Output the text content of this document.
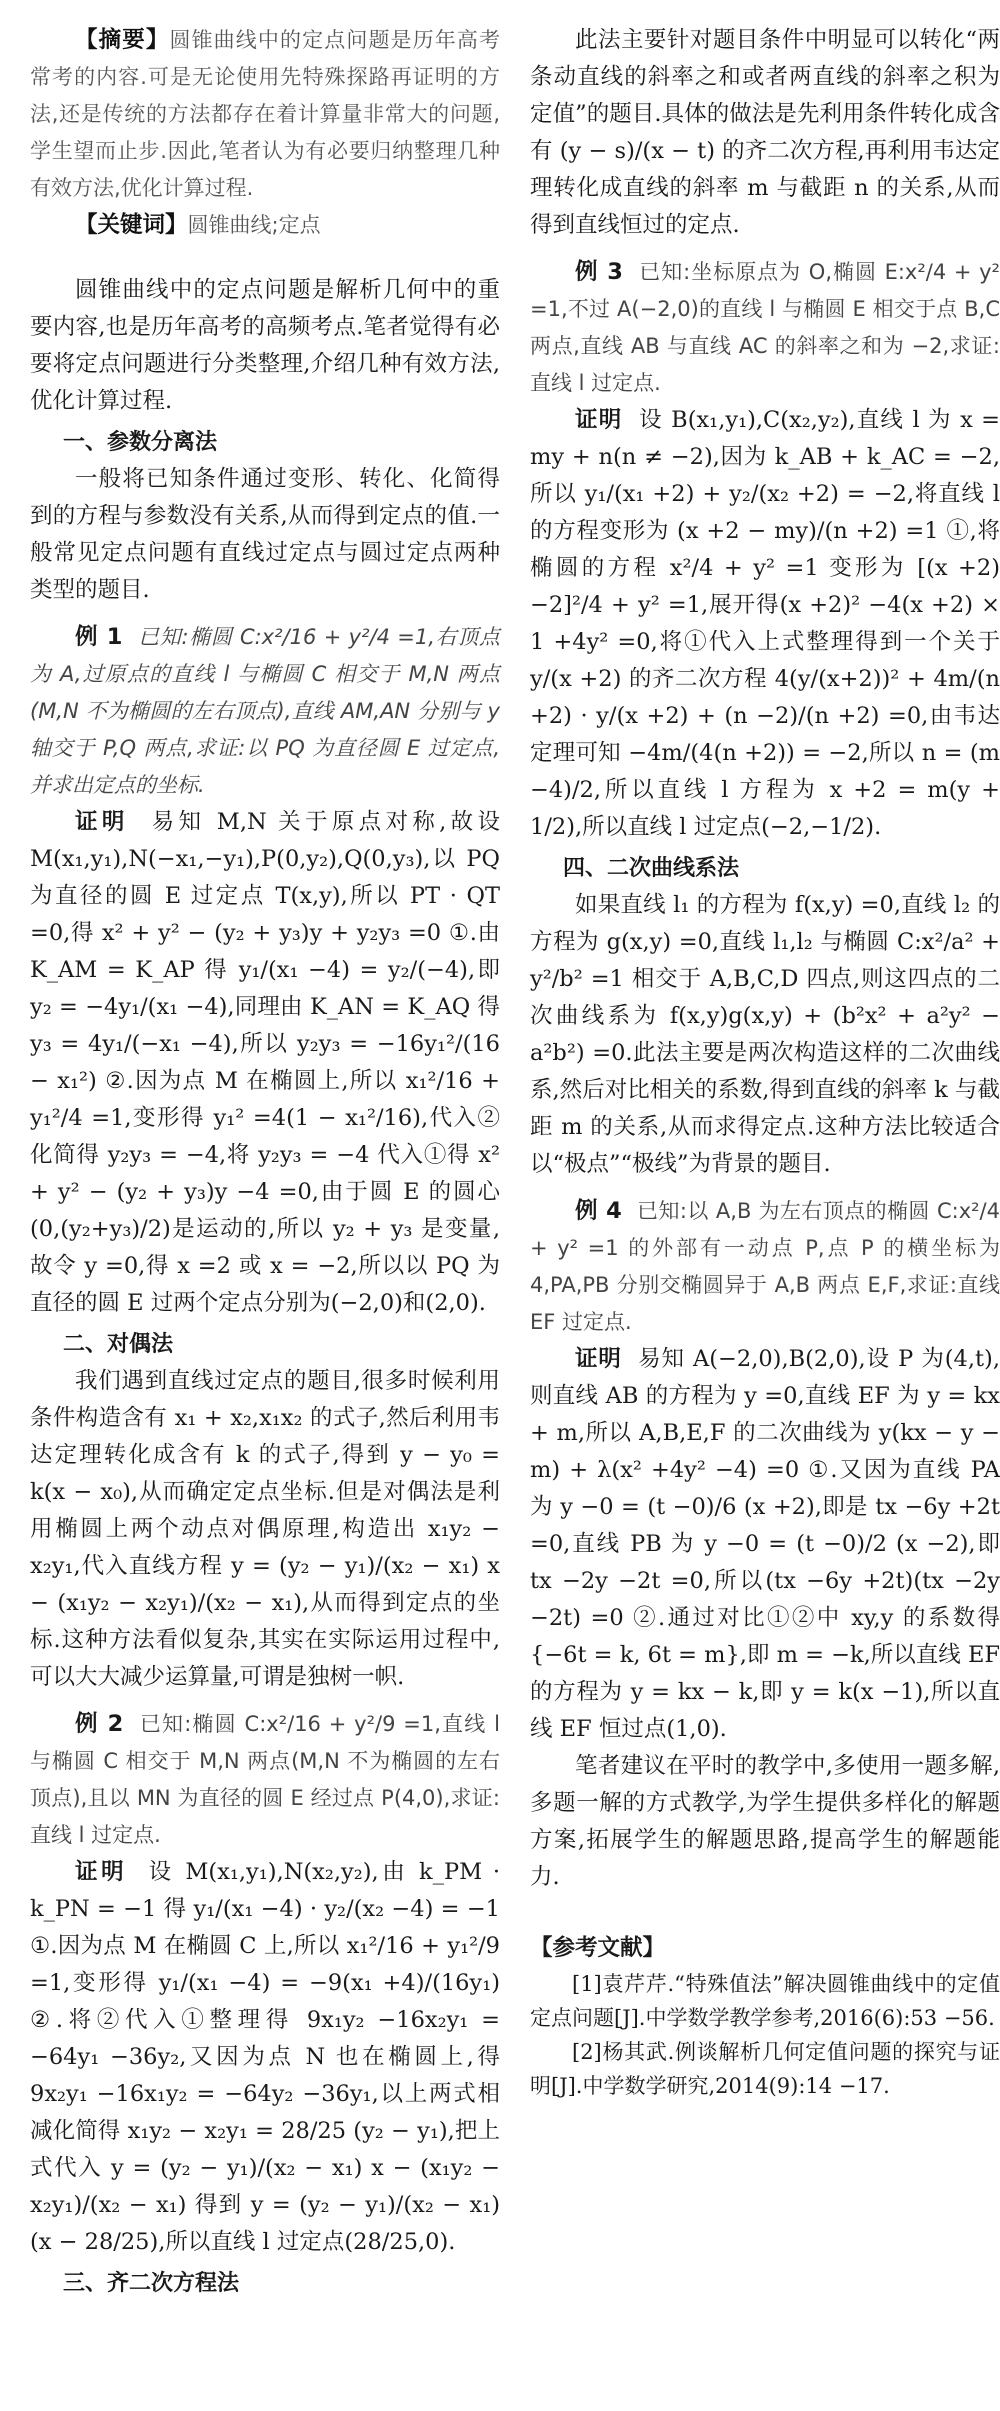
【摘要】圆锥曲线中的定点问题是历年高考常考的内容.可是无论使用先特殊探路再证明的方法,还是传统的方法都存在着计算量非常大的问题,学生望而止步.因此,笔者认为有必要归纳整理几种有效方法,优化计算过程.

【关键词】圆锥曲线;定点

圆锥曲线中的定点问题是解析几何中的重要内容,也是历年高考的高频考点.笔者觉得有必要将定点问题进行分类整理,介绍几种有效方法,优化计算过程.

一、参数分离法

一般将已知条件通过变形、转化、化简得到的方程与参数没有关系,从而得到定点的值.一般常见定点问题有直线过定点与圆过定点两种类型的题目.

例 1 已知:椭圆 C:x²/16 + y²/4 =1,右顶点为 A,过原点的直线 l 与椭圆 C 相交于 M,N 两点(M,N 不为椭圆的左右顶点),直线 AM,AN 分别与 y 轴交于 P,Q 两点,求证:以 PQ 为直径圆 E 过定点,并求出定点的坐标.

证明 易知 M,N 关于原点对称,故设 M(x₁,y₁),N(−x₁,−y₁),P(0,y₂),Q(0,y₃),以 PQ 为直径的圆 E 过定点 T(x,y),所以 PT · QT =0,得 x² + y² − (y₂ + y₃)y + y₂y₃ =0 ①.由 K_AM = K_AP 得 y₁/(x₁ −4) = y₂/(−4),即 y₂ = −4y₁/(x₁ −4),同理由 K_AN = K_AQ 得 y₃ = 4y₁/(−x₁ −4),所以 y₂y₃ = −16y₁²/(16 − x₁²) ②.因为点 M 在椭圆上,所以 x₁²/16 + y₁²/4 =1,变形得 y₁² =4(1 − x₁²/16),代入②化简得 y₂y₃ = −4,将 y₂y₃ = −4 代入①得 x² + y² − (y₂ + y₃)y −4 =0,由于圆 E 的圆心(0,(y₂+y₃)/2)是运动的,所以 y₂ + y₃ 是变量,故令 y =0,得 x =2 或 x = −2,所以以 PQ 为直径的圆 E 过两个定点分别为(−2,0)和(2,0).

二、对偶法

我们遇到直线过定点的题目,很多时候利用条件构造含有 x₁ + x₂,x₁x₂ 的式子,然后利用韦达定理转化成含有 k 的式子,得到 y − y₀ = k(x − x₀),从而确定定点坐标.但是对偶法是利用椭圆上两个动点对偶原理,构造出 x₁y₂ − x₂y₁,代入直线方程 y = (y₂ − y₁)/(x₂ − x₁) x − (x₁y₂ − x₂y₁)/(x₂ − x₁),从而得到定点的坐标.这种方法看似复杂,其实在实际运用过程中,可以大大减少运算量,可谓是独树一帜.

例 2 已知:椭圆 C:x²/16 + y²/9 =1,直线 l 与椭圆 C 相交于 M,N 两点(M,N 不为椭圆的左右顶点),且以 MN 为直径的圆 E 经过点 P(4,0),求证:直线 l 过定点.

证明 设 M(x₁,y₁),N(x₂,y₂),由 k_PM · k_PN = −1 得 y₁/(x₁ −4) · y₂/(x₂ −4) = −1 ①.因为点 M 在椭圆 C 上,所以 x₁²/16 + y₁²/9 =1,变形得 y₁/(x₁ −4) = −9(x₁ +4)/(16y₁) ②.将②代入①整理得 9x₁y₂ −16x₂y₁ = −64y₁ −36y₂,又因为点 N 也在椭圆上,得 9x₂y₁ −16x₁y₂ = −64y₂ −36y₁,以上两式相减化简得 x₁y₂ − x₂y₁ = 28/25 (y₂ − y₁),把上式代入 y = (y₂ − y₁)/(x₂ − x₁) x − (x₁y₂ − x₂y₁)/(x₂ − x₁) 得到 y = (y₂ − y₁)/(x₂ − x₁) (x − 28/25),所以直线 l 过定点(28/25,0).

三、齐二次方程法

此法主要针对题目条件中明显可以转化“两条动直线的斜率之和或者两直线的斜率之积为定值”的题目.具体的做法是先利用条件转化成含有 (y − s)/(x − t) 的齐二次方程,再利用韦达定理转化成直线的斜率 m 与截距 n 的关系,从而得到直线恒过的定点.

例 3 已知:坐标原点为 O,椭圆 E:x²/4 + y² =1,不过 A(−2,0)的直线 l 与椭圆 E 相交于点 B,C 两点,直线 AB 与直线 AC 的斜率之和为 −2,求证:直线 l 过定点.

证明 设 B(x₁,y₁),C(x₂,y₂),直线 l 为 x = my + n(n ≠ −2),因为 k_AB + k_AC = −2,所以 y₁/(x₁ +2) + y₂/(x₂ +2) = −2,将直线 l 的方程变形为 (x +2 − my)/(n +2) =1 ①,将椭圆的方程 x²/4 + y² =1 变形为 [(x +2) −2]²/4 + y² =1,展开得(x +2)² −4(x +2) × 1 +4y² =0,将①代入上式整理得到一个关于 y/(x +2) 的齐二次方程 4(y/(x+2))² + 4m/(n +2) · y/(x +2) + (n −2)/(n +2) =0,由韦达定理可知 −4m/(4(n +2)) = −2,所以 n = (m −4)/2,所以直线 l 方程为 x +2 = m(y + 1/2),所以直线 l 过定点(−2,−1/2).

四、二次曲线系法

如果直线 l₁ 的方程为 f(x,y) =0,直线 l₂ 的方程为 g(x,y) =0,直线 l₁,l₂ 与椭圆 C:x²/a² + y²/b² =1 相交于 A,B,C,D 四点,则这四点的二次曲线系为 f(x,y)g(x,y) + (b²x² + a²y² − a²b²) =0.此法主要是两次构造这样的二次曲线系,然后对比相关的系数,得到直线的斜率 k 与截距 m 的关系,从而求得定点.这种方法比较适合以“极点”“极线”为背景的题目.

例 4 已知:以 A,B 为左右顶点的椭圆 C:x²/4 + y² =1 的外部有一动点 P,点 P 的横坐标为 4,PA,PB 分别交椭圆异于 A,B 两点 E,F,求证:直线 EF 过定点.

证明 易知 A(−2,0),B(2,0),设 P 为(4,t),则直线 AB 的方程为 y =0,直线 EF 为 y = kx + m,所以 A,B,E,F 的二次曲线为 y(kx − y − m) + λ(x² +4y² −4) =0 ①.又因为直线 PA 为 y −0 = (t −0)/6 (x +2),即是 tx −6y +2t =0,直线 PB 为 y −0 = (t −0)/2 (x −2),即 tx −2y −2t =0,所以(tx −6y +2t)(tx −2y −2t) =0 ②.通过对比①②中 xy,y 的系数得 {−6t = k, 6t = m},即 m = −k,所以直线 EF 的方程为 y = kx − k,即 y = k(x −1),所以直线 EF 恒过点(1,0).

笔者建议在平时的教学中,多使用一题多解,多题一解的方式教学,为学生提供多样化的解题方案,拓展学生的解题思路,提高学生的解题能力.

【参考文献】

[1]袁芹芹.“特殊值法”解决圆锥曲线中的定值定点问题[J].中学数学教学参考,2016(6):53 −56.

[2]杨其武.例谈解析几何定值问题的探究与证明[J].中学数学研究,2014(9):14 −17.
